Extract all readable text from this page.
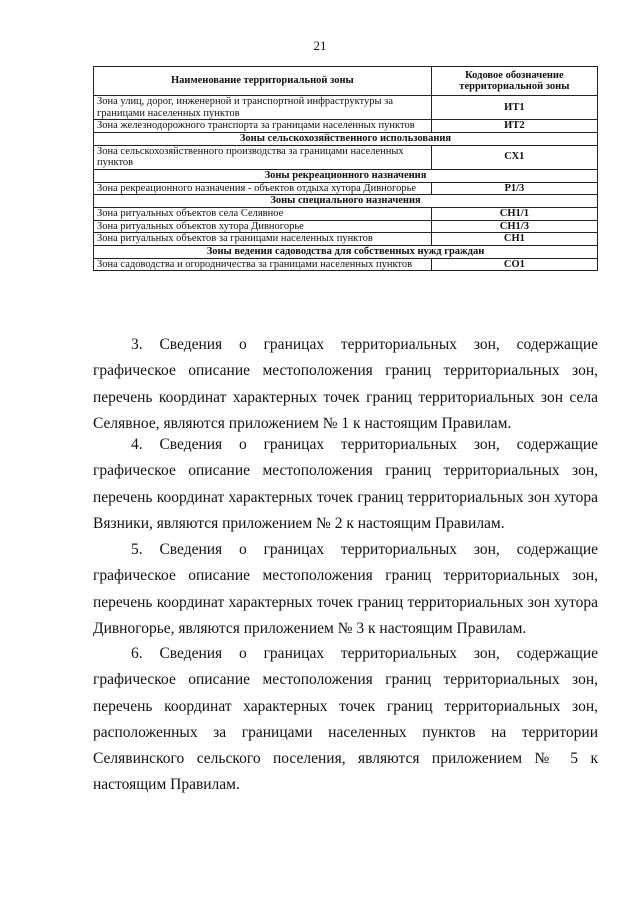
21
Наименование территориальной зоны	Кодовое обозначение территориальной зоны
Зона улиц, дорог, инженерной и транспортной инфраструктуры за границами населенных пунктов	ИТ1
Зона железнодорожного транспорта за границами населенных пунктов	ИТ2
Зоны сельскохозяйственного использования	
Зона сельскохозяйственного производства за границами населенных пунктов	СХ1
Зоны рекреационного назначения	
Зона рекреационного назначения - объектов отдыха хутора Дивногорье	Р1/3
Зоны специального назначения	
Зона ритуальных объектов села Селявное	СН1/1
Зона ритуальных объектов хутора Дивногорье	СН1/3
Зона ритуальных объектов за границами населенных пунктов	СН1
Зоны ведения садоводства для собственных нужд граждан	
Зона садоводства и огородничества за границами населенных пунктов	СО1

3. Сведения о границах территориальных зон, содержащие графическое описание местоположения границ территориальных зон, перечень координат характерных точек границ территориальных зон села Селявное, являются приложением № 1 к настоящим Правилам.

4. Сведения о границах территориальных зон, содержащие графическое описание местоположения границ территориальных зон, перечень координат характерных точек границ территориальных зон хутора Вязники, являются приложением № 2 к настоящим Правилам.

5. Сведения о границах территориальных зон, содержащие графическое описание местоположения границ территориальных зон, перечень координат характерных точек границ территориальных зон хутора Дивногорье, являются приложением № 3 к настоящим Правилам.

6. Сведения о границах территориальных зон, содержащие графическое описание местоположения границ территориальных зон, перечень координат характерных точек границ территориальных зон, расположенных за границами населенных пунктов на территории Селявинского сельского поселения, являются приложением № 5 к настоящим Правилам.
